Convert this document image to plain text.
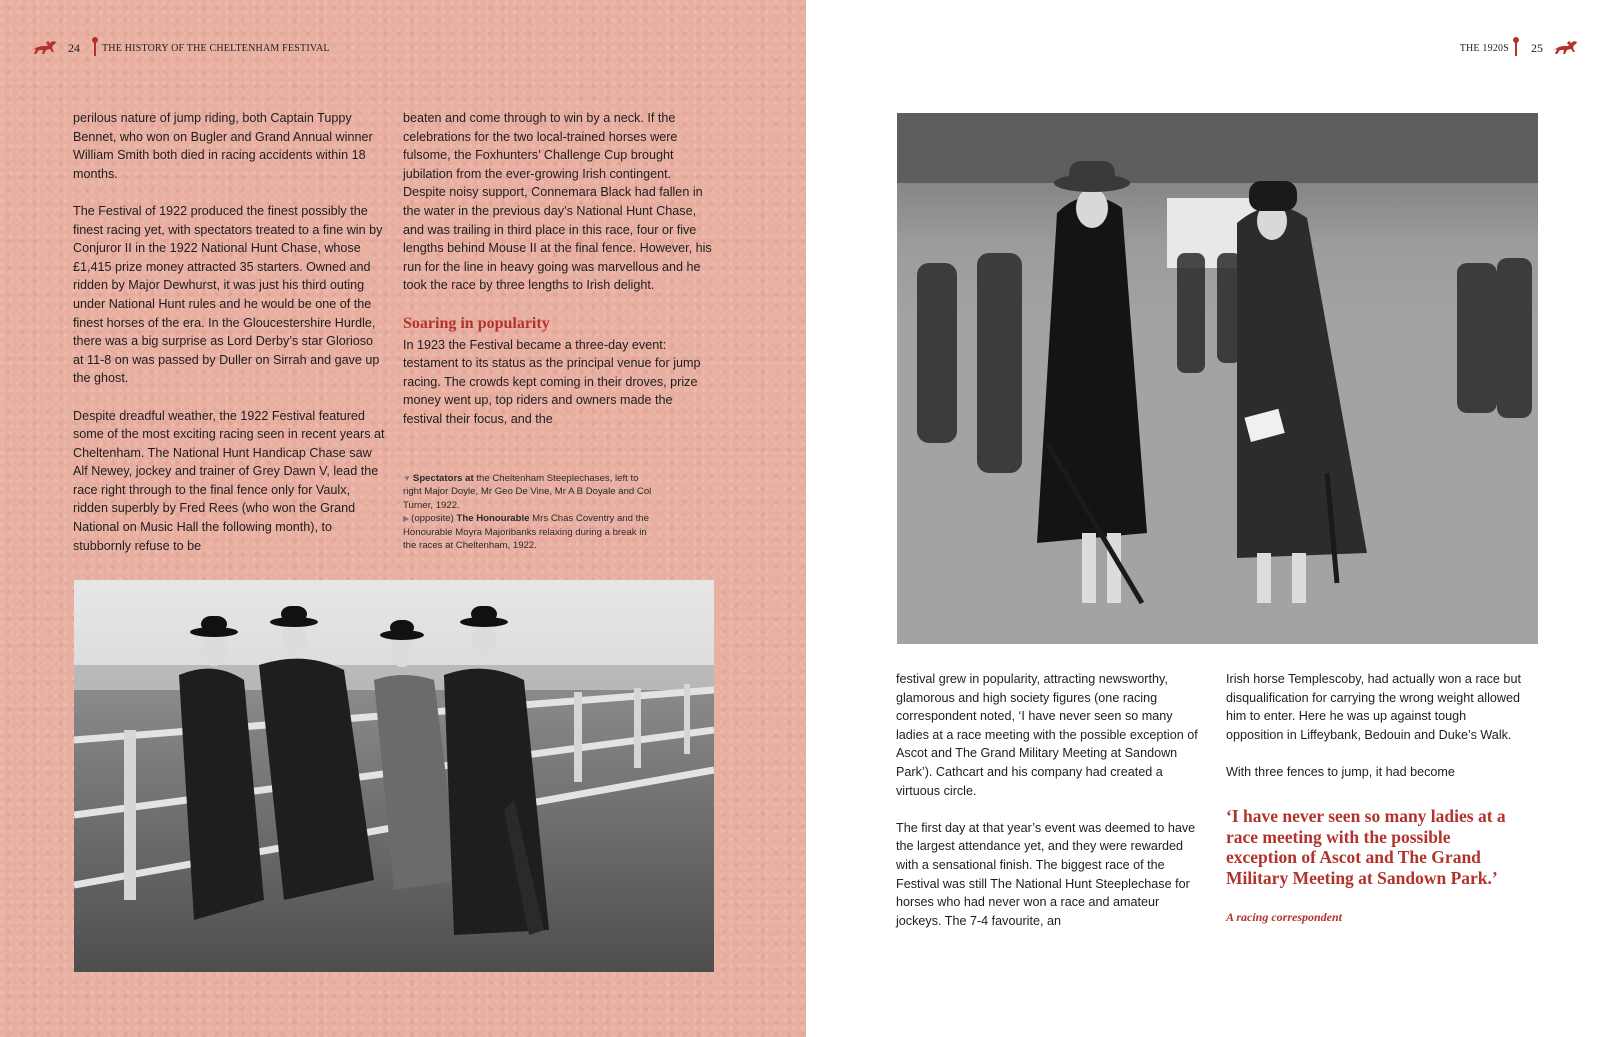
24 THE HISTORY OF THE CHELTENHAM FESTIVAL

perilous nature of jump riding, both Captain Tuppy Bennet, who won on Bugler and Grand Annual winner William Smith both died in racing accidents within 18 months.

The Festival of 1922 produced the finest possibly the finest racing yet, with spectators treated to a fine win by Conjuror II in the 1922 National Hunt Chase, whose £1,415 prize money attracted 35 starters. Owned and ridden by Major Dewhurst, it was just his third outing under National Hunt rules and he would be one of the finest horses of the era. In the Gloucestershire Hurdle, there was a big surprise as Lord Derby’s star Glorioso at 11-8 on was passed by Duller on Sirrah and gave up the ghost.

Despite dreadful weather, the 1922 Festival featured some of the most exciting racing seen in recent years at Cheltenham. The National Hunt Handicap Chase saw Alf Newey, jockey and trainer of Grey Dawn V, lead the race right through to the final fence only for Vaulx, ridden superbly by Fred Rees (who won the Grand National on Music Hall the following month), to stubbornly refuse to be

beaten and come through to win by a neck. If the celebrations for the two local-trained horses were fulsome, the Foxhunters’ Challenge Cup brought jubilation from the ever-growing Irish contingent. Despite noisy support, Connemara Black had fallen in the water in the previous day’s National Hunt Chase, and was trailing in third place in this race, four or five lengths behind Mouse II at the final fence. However, his run for the line in heavy going was marvellous and he took the race by three lengths to Irish delight.

Soaring in popularity

In 1923 the Festival became a three-day event: testament to its status as the principal venue for jump racing. The crowds kept coming in their droves, prize money went up, top riders and owners made the festival their focus, and the

▼ Spectators at the Cheltenham Steeplechases, left to right Major Doyle, Mr Geo De Vine, Mr A B Doyale and Col Turner, 1922.

▶ (opposite) The Honourable Mrs Chas Coventry and the Honourable Moyra Majoribanks relaxing during a break in the races at Cheltenham, 1922.

THE 1920S 25

festival grew in popularity, attracting newsworthy, glamorous and high society figures (one racing correspondent noted, ‘I have never seen so many ladies at a race meeting with the possible exception of Ascot and The Grand Military Meeting at Sandown Park’). Cathcart and his company had created a virtuous circle.

The first day at that year’s event was deemed to have the largest attendance yet, and they were rewarded with a sensational finish. The biggest race of the Festival was still The National Hunt Steeplechase for horses who had never won a race and amateur jockeys. The 7-4 favourite, an

Irish horse Templescoby, had actually won a race but disqualification for carrying the wrong weight allowed him to enter. Here he was up against tough opposition in Liffeybank, Bedouin and Duke’s Walk.

With three fences to jump, it had become

‘I have never seen so many ladies at a race meeting with the possible exception of Ascot and The Grand Military Meeting at Sandown Park.’
A racing correspondent
